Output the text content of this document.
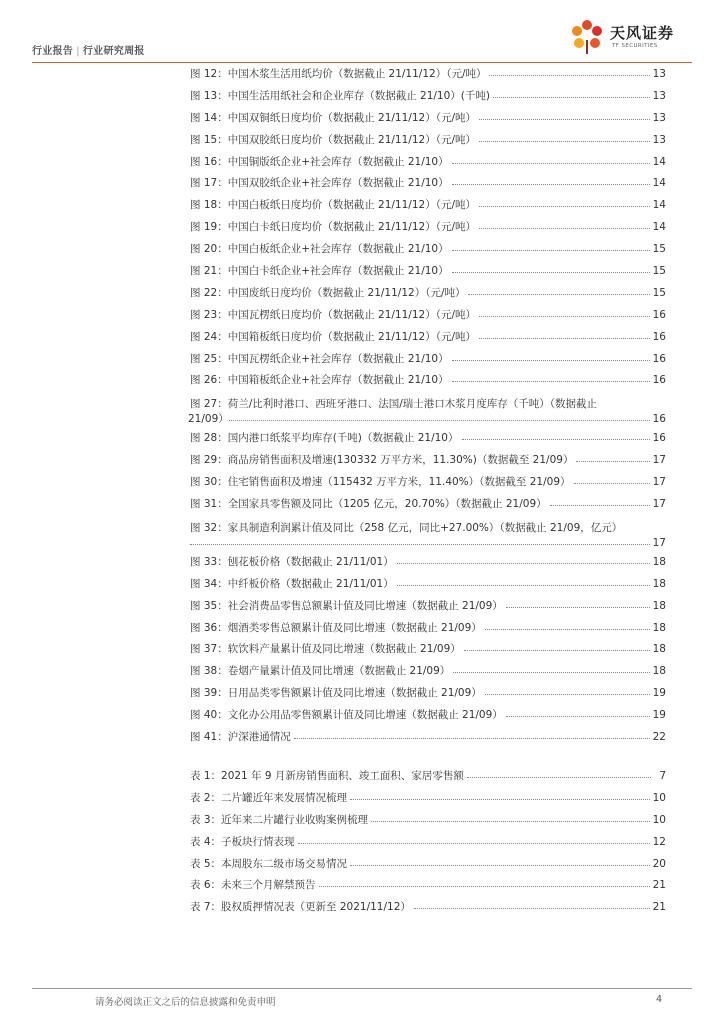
行业报告 | 行业研究周报
天风证券
TF SECURITIES
图 12：中国木浆生活用纸均价（数据截止 21/11/12）（元/吨）	13
图 13：中国生活用纸社会和企业库存（数据截止 21/10）(千吨)	13
图 14：中国双铜纸日度均价（数据截止 21/11/12）（元/吨）	13
图 15：中国双胶纸日度均价（数据截止 21/11/12）（元/吨）	13
图 16：中国铜版纸企业+社会库存（数据截止 21/10）	14
图 17：中国双胶纸企业+社会库存（数据截止 21/10）	14
图 18：中国白板纸日度均价（数据截止 21/11/12）（元/吨）	14
图 19：中国白卡纸日度均价（数据截止 21/11/12）（元/吨）	14
图 20：中国白板纸企业+社会库存（数据截止 21/10）	15
图 21：中国白卡纸企业+社会库存（数据截止 21/10）	15
图 22：中国废纸日度均价（数据截止 21/11/12）（元/吨）	15
图 23：中国瓦楞纸日度均价（数据截止 21/11/12）（元/吨）	16
图 24：中国箱板纸日度均价（数据截止 21/11/12）（元/吨）	16
图 25：中国瓦楞纸企业+社会库存（数据截止 21/10）	16
图 26：中国箱板纸企业+社会库存（数据截止 21/10）	16
图 27：荷兰/比利时港口、西班牙港口、法国/瑞士港口木浆月度库存（千吨）（数据截止
21/09）	16
图 28：国内港口纸浆平均库存(千吨)（数据截止 21/10）	16
图 29：商品房销售面积及增速(130332 万平方米，11.30%)（数据截至 21/09）	17
图 30：住宅销售面积及增速（115432 万平方米，11.40%）（数据截至 21/09）	17
图 31：全国家具零售额及同比（1205 亿元，20.70%）（数据截止 21/09）	17
图 32：家具制造利润累计值及同比（258 亿元，同比+27.00%）（数据截止 21/09，亿元）
17
图 33：刨花板价格（数据截止 21/11/01）	18
图 34：中纤板价格（数据截止 21/11/01）	18
图 35：社会消费品零售总额累计值及同比增速（数据截止 21/09）	18
图 36：烟酒类零售总额累计值及同比增速（数据截止 21/09）	18
图 37：软饮料产量累计值及同比增速（数据截止 21/09）	18
图 38：卷烟产量累计值及同比增速（数据截止 21/09）	18
图 39：日用品类零售额累计值及同比增速（数据截止 21/09）	19
图 40：文化办公用品零售额累计值及同比增速（数据截止 21/09）	19
图 41：沪深港通情况	22
表 1：2021 年 9 月新房销售面积、竣工面积、家居零售额	7
表 2：二片罐近年来发展情况梳理	10
表 3：近年来二片罐行业收购案例梳理	10
表 4：子板块行情表现	12
表 5：本周股东二级市场交易情况	20
表 6：未来三个月解禁预告	21
表 7：股权质押情况表（更新至 2021/11/12）	21
请务必阅读正文之后的信息披露和免责申明	4
